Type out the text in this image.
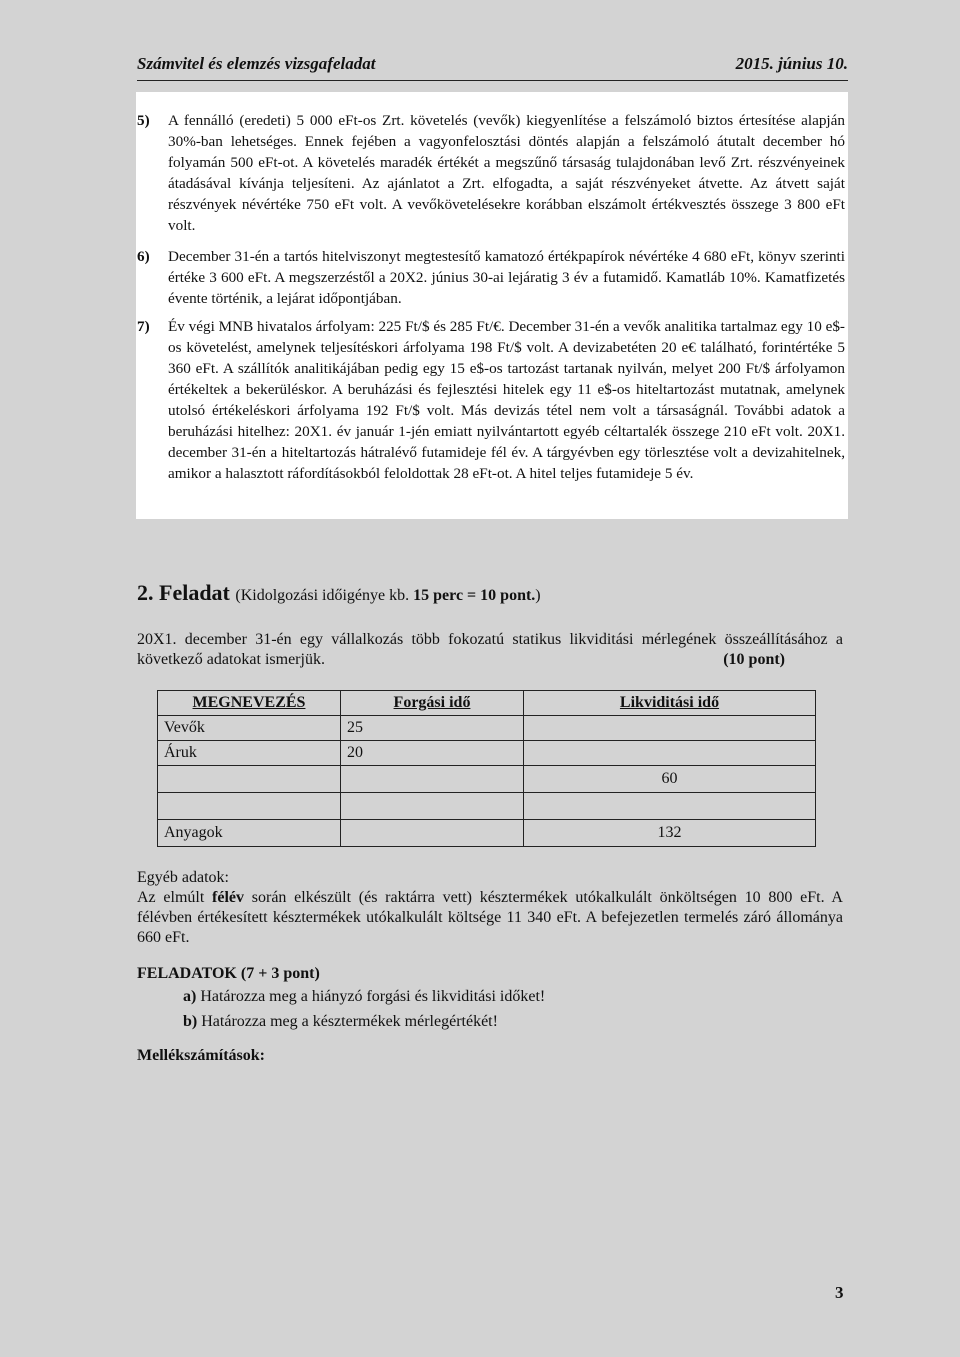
Számvitel és elemzés vizsgafeladat	2015. június 10.
5) A fennálló (eredeti) 5 000 eFt-os Zrt. követelés (vevők) kiegyenlítése a felszámoló biztos értesítése alapján 30%-ban lehetséges. Ennek fejében a vagyonfelosztási döntés alapján a felszámoló átutalt december hó folyamán 500 eFt-ot. A követelés maradék értékét a megszűnő társaság tulajdonában levő Zrt. részvényeinek átadásával kívánja teljesíteni. Az ajánlatot a Zrt. elfogadta, a saját részvényeket átvette. Az átvett saját részvények névértéke 750 eFt volt. A vevőkövetelésekre korábban elszámolt értékvesztés összege 3 800 eFt volt.
6) December 31-én a tartós hitelviszonyt megtestesítő kamatozó értékpapírok névértéke 4 680 eFt, könyv szerinti értéke 3 600 eFt. A megszerzéstől a 20X2. június 30-ai lejáratig 3 év a futamidő. Kamatláb 10%. Kamatfizetés évente történik, a lejárat időpontjában.
7) Év végi MNB hivatalos árfolyam: 225 Ft/$ és 285 Ft/€. December 31-én a vevők analitika tartalmaz egy 10 e$-os követelést, amelynek teljesítéskori árfolyama 198 Ft/$ volt. A devizabetéten 20 e€ található, forintértéke 5 360 eFt. A szállítók analitikájában pedig egy 15 e$-os tartozást tartanak nyilván, melyet 200 Ft/$ árfolyamon értékeltek a bekerüléskor. A beruházási és fejlesztési hitelek egy 11 e$-os hiteltartozást mutatnak, amelynek utolsó értékeléskori árfolyama 192 Ft/$ volt. Más devizás tétel nem volt a társaságnál. További adatok a beruházási hitelhez: 20X1. év január 1-jén emiatt nyilvántartott egyéb céltartalék összege 210 eFt volt. 20X1. december 31-én a hiteltartozás hátralévő futamideje fél év. A tárgyévben egy törlesztése volt a devizahitelnek, amikor a halasztott ráfordításokból feloldottak 28 eFt-ot. A hitel teljes futamideje 5 év.
2. Feladat (Kidolgozási időigénye kb. 15 perc = 10 pont.)
20X1. december 31-én egy vállalkozás több fokozatú statikus likviditási mérlegének összeállításához a következő adatokat ismerjük.	(10 pont)
MEGNEVEZÉS	Forgási idő	Likviditási idő
Vevők	25	
Áruk	20	
		60

Anyagok		132
Egyéb adatok:
Az elmúlt félév során elkészült (és raktárra vett) késztermékek utókalkulált önköltségen 10 800 eFt. A félévben értékesített késztermékek utókalkulált költsége 11 340 eFt. A befejezetlen termelés záró állománya 660 eFt.
FELADATOK (7 + 3 pont)
a) Határozza meg a hiányzó forgási és likviditási időket!
b) Határozza meg a késztermékek mérlegértékét!
Mellékszámítások:
3
